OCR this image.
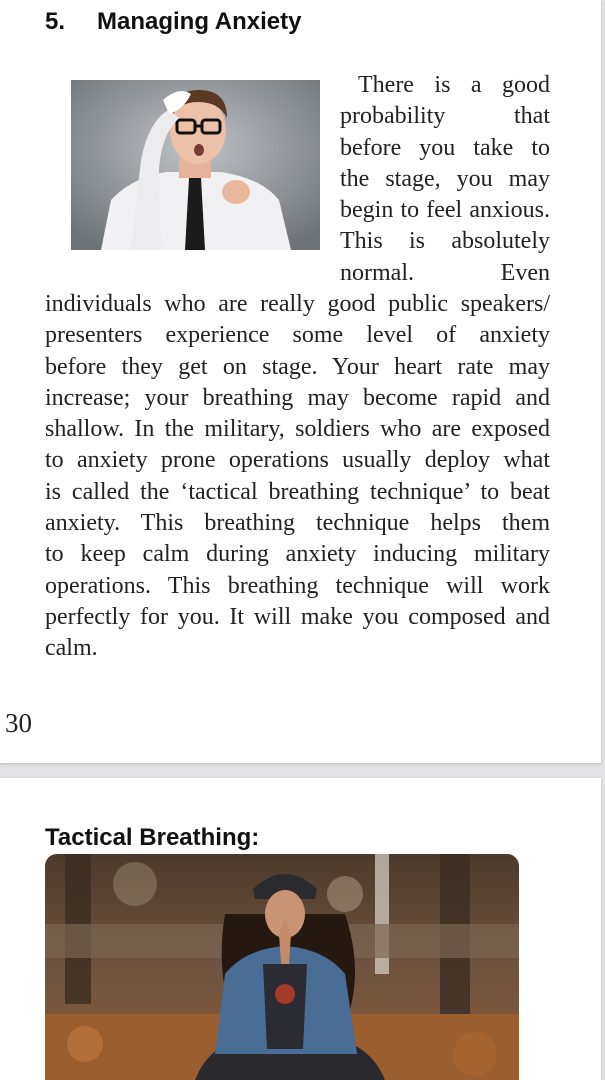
5. Managing Anxiety
There is a good
probability that
before you take to
the stage, you may
begin to feel anxious.
This is absolutely
normal. Even
individuals who are really good public speakers/
presenters experience some level of anxiety
before they get on stage. Your heart rate may
increase; your breathing may become rapid and
shallow. In the military, soldiers who are exposed
to anxiety prone operations usually deploy what
is called the ‘tactical breathing technique’ to beat
anxiety. This breathing technique helps them
to keep calm during anxiety inducing military
operations. This breathing technique will work
perfectly for you. It will make you composed and
calm.
30
Tactical Breathing:
